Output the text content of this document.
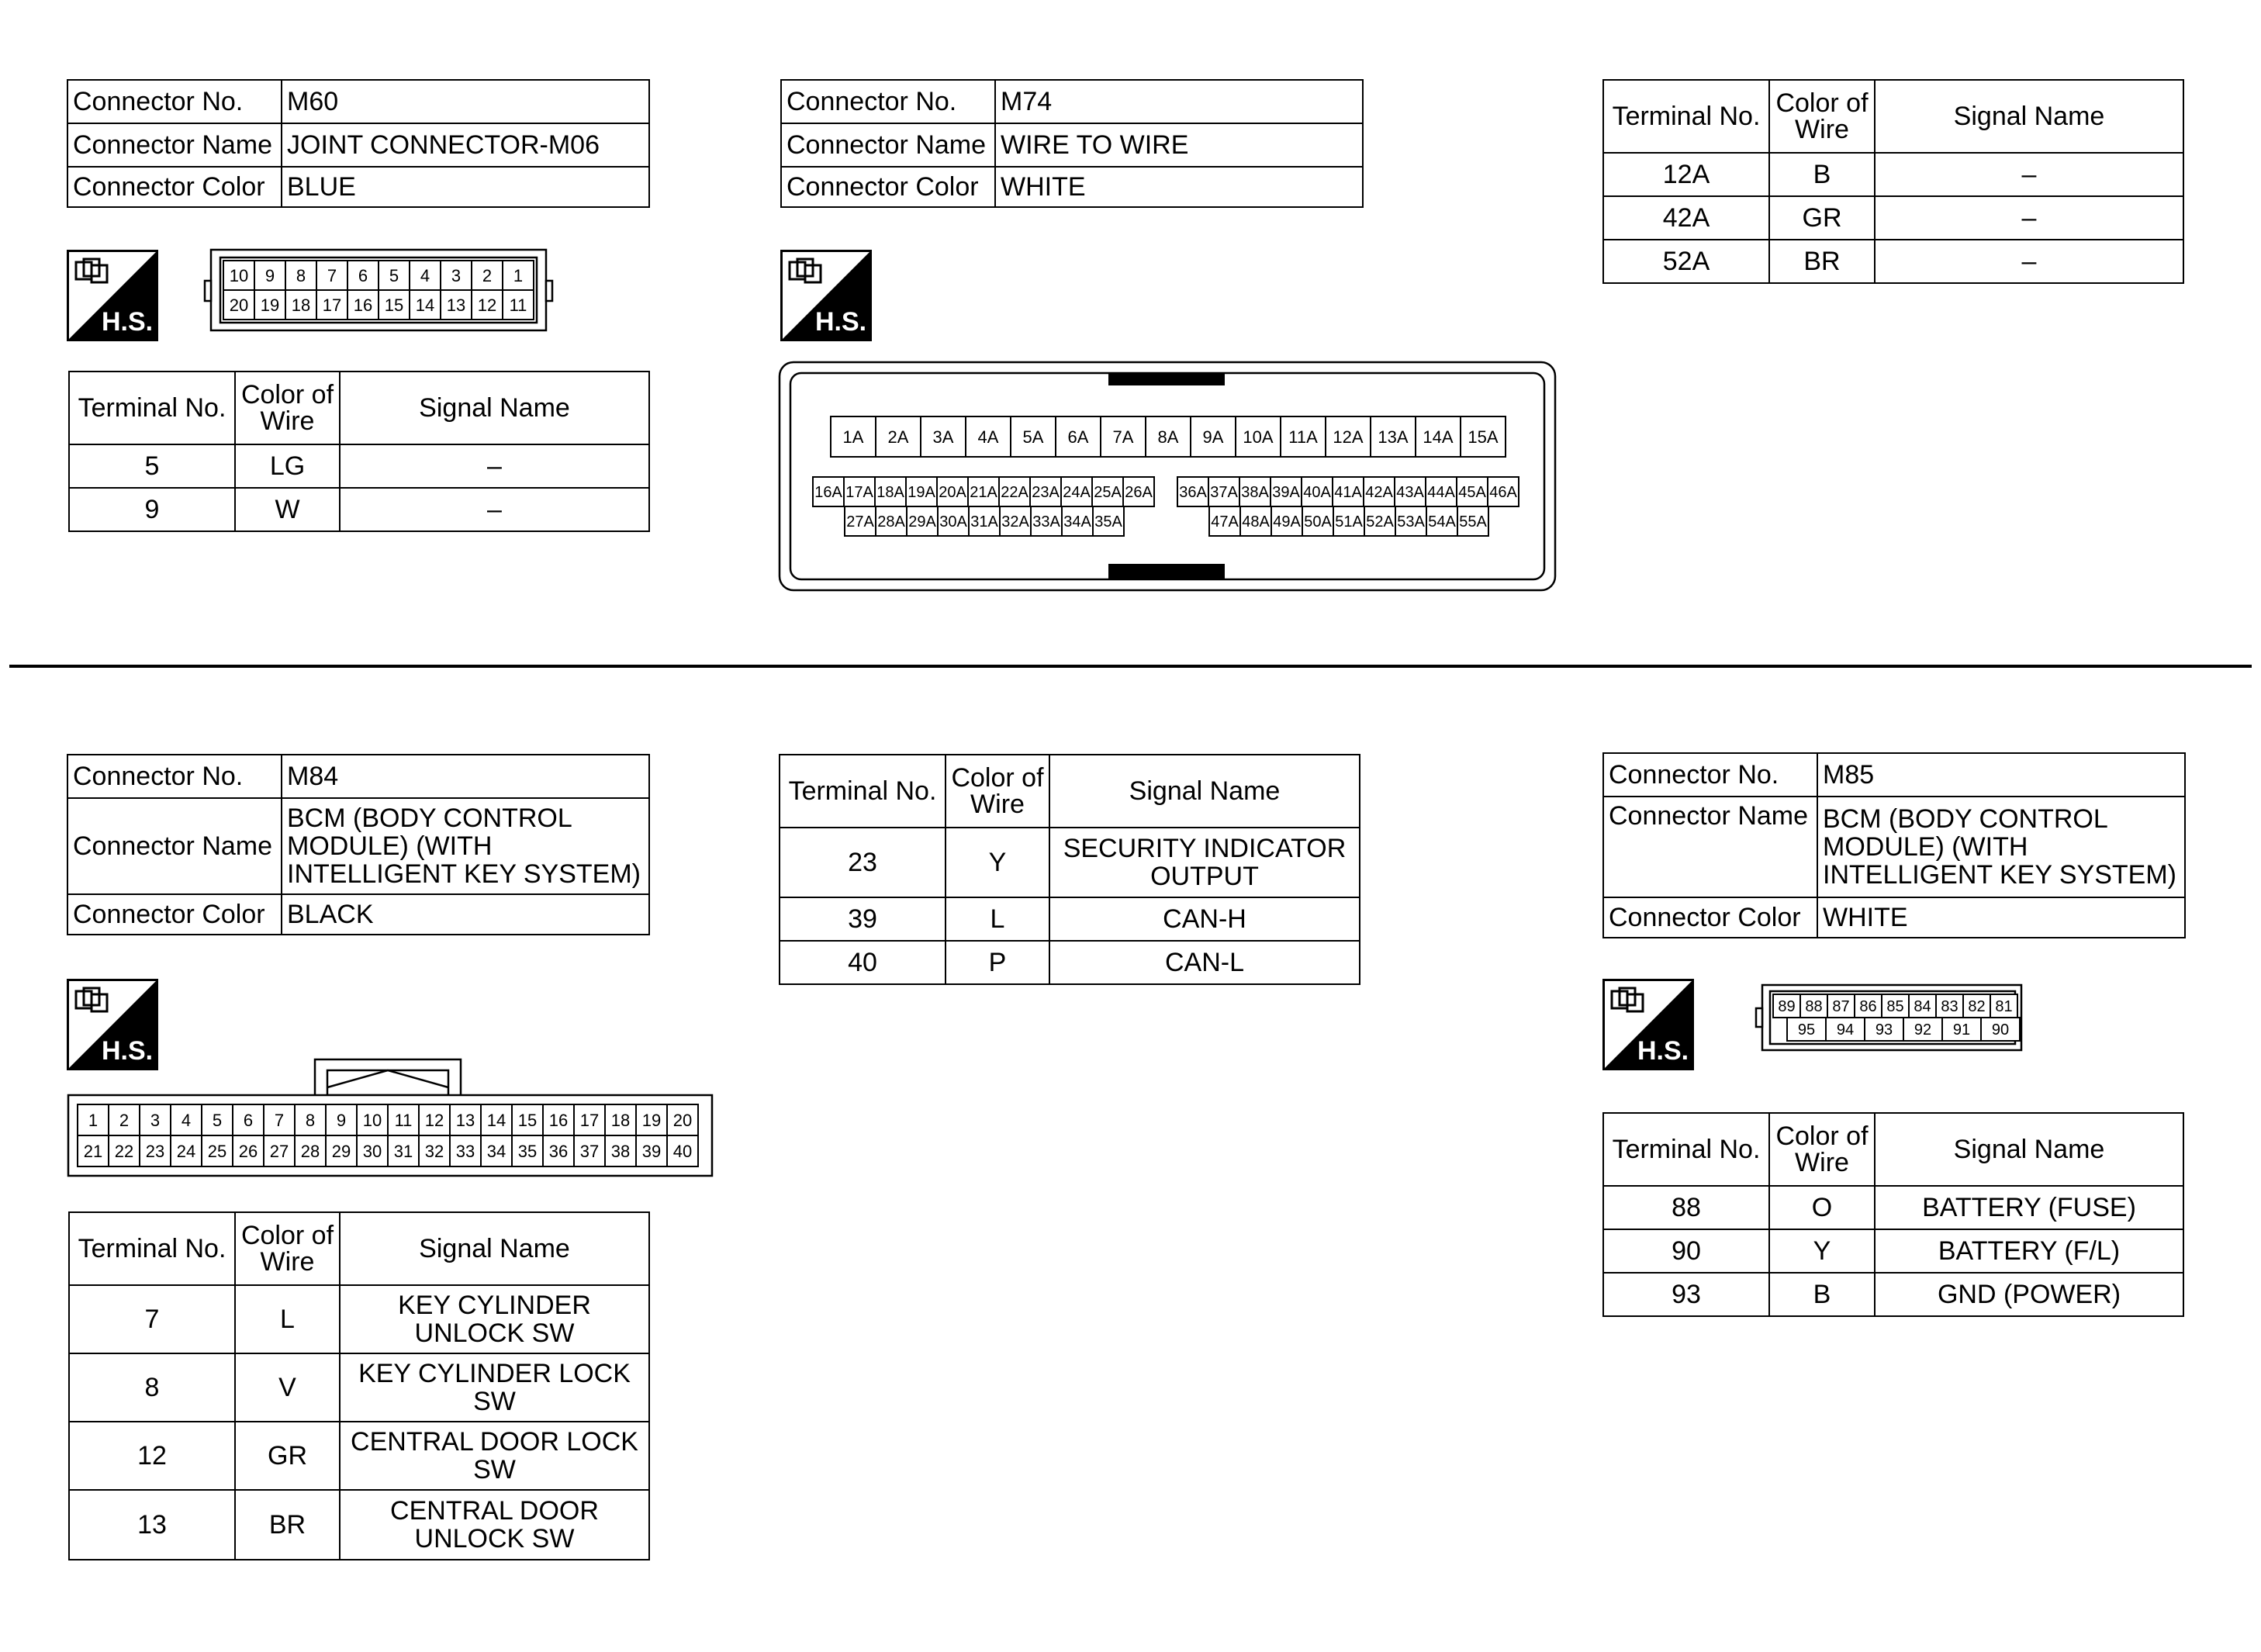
Connector No.	M60
Connector Name	JOINT CONNECTOR-M06
Connector Color	BLUE
H.S.
10 9 8 7 6 5 4 3 2 1
20 19 18 17 16 15 14 13 12 11
Terminal No.	Color of Wire	Signal Name
5	LG	–
9	W	–
Connector No.	M74
Connector Name	WIRE TO WIRE
Connector Color	WHITE
H.S.
1A 2A 3A 4A 5A 6A 7A 8A 9A 10A 11A 12A 13A 14A 15A
16A 17A 18A 19A 20A 21A 22A 23A 24A 25A 26A 36A 37A 38A 39A 40A 41A 42A 43A 44A 45A 46A
27A 28A 29A 30A 31A 32A 33A 34A 35A	47A 48A 49A 50A 51A 52A 53A 54A 55A
Terminal No.	Color of Wire	Signal Name
12A	B	–
42A	GR	–
52A	BR	–
Connector No.	M84
Connector Name	BCM (BODY CONTROL MODULE) (WITH INTELLIGENT KEY SYSTEM)
Connector Color	BLACK
H.S.
1 2 3 4 5 6 7 8 9 10 11 12 13 14 15 16 17 18 19 20
21 22 23 24 25 26 27 28 29 30 31 32 33 34 35 36 37 38 39 40
Terminal No.	Color of Wire	Signal Name
7	L	KEY CYLINDER UNLOCK SW
8	V	KEY CYLINDER LOCK SW
12	GR	CENTRAL DOOR LOCK SW
13	BR	CENTRAL DOOR UNLOCK SW
Terminal No.	Color of Wire	Signal Name
23	Y	SECURITY INDICATOR OUTPUT
39	L	CAN-H
40	P	CAN-L
Connector No.	M85
Connector Name	BCM (BODY CONTROL MODULE) (WITH INTELLIGENT KEY SYSTEM)
Connector Color	WHITE
H.S.
89 88 87 86 85 84 83 82 81
95 94 93 92 91 90
Terminal No.	Color of Wire	Signal Name
88	O	BATTERY (FUSE)
90	Y	BATTERY (F/L)
93	B	GND (POWER)
